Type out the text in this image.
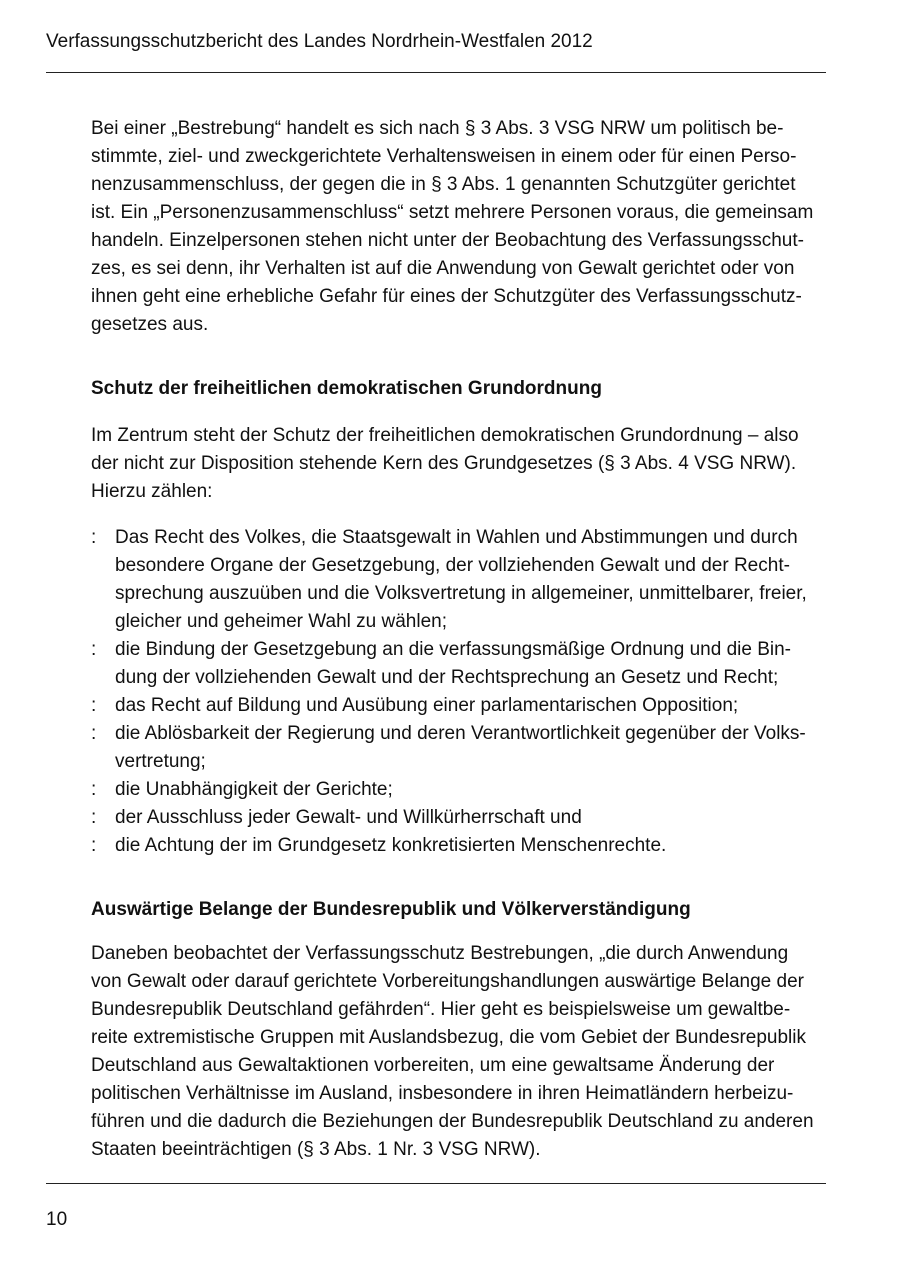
Verfassungsschutzbericht des Landes Nordrhein-Westfalen 2012
Bei einer „Bestrebung“ handelt es sich nach § 3 Abs. 3 VSG NRW um politisch be-
stimmte, ziel- und zweckgerichtete Verhaltensweisen in einem oder für einen Perso-
nenzusammenschluss, der gegen die in § 3 Abs. 1 genannten Schutzgüter gerichtet
ist. Ein „Personenzusammenschluss“ setzt mehrere Personen voraus, die gemeinsam
handeln. Einzelpersonen stehen nicht unter der Beobachtung des Verfassungsschut-
zes, es sei denn, ihr Verhalten ist auf die Anwendung von Gewalt gerichtet oder von
ihnen geht eine erhebliche Gefahr für eines der Schutzgüter des Verfassungsschutz-
gesetzes aus.
Schutz der freiheitlichen demokratischen Grundordnung
Im Zentrum steht der Schutz der freiheitlichen demokratischen Grundordnung – also
der nicht zur Disposition stehende Kern des Grundgesetzes (§ 3 Abs. 4 VSG NRW).
Hierzu zählen:
: Das Recht des Volkes, die Staatsgewalt in Wahlen und Abstimmungen und durch
besondere Organe der Gesetzgebung, der vollziehenden Gewalt und der Recht-
sprechung auszuüben und die Volksvertretung in allgemeiner, unmittelbarer, freier,
gleicher und geheimer Wahl zu wählen;
: die Bindung der Gesetzgebung an die verfassungsmäßige Ordnung und die Bin-
dung der vollziehenden Gewalt und der Rechtsprechung an Gesetz und Recht;
: das Recht auf Bildung und Ausübung einer parlamentarischen Opposition;
: die Ablösbarkeit der Regierung und deren Verantwortlichkeit gegenüber der Volks-
vertretung;
: die Unabhängigkeit der Gerichte;
: der Ausschluss jeder Gewalt- und Willkürherrschaft und
: die Achtung der im Grundgesetz konkretisierten Menschenrechte.
Auswärtige Belange der Bundesrepublik und Völkerverständigung
Daneben beobachtet der Verfassungsschutz Bestrebungen, „die durch Anwendung
von Gewalt oder darauf gerichtete Vorbereitungshandlungen auswärtige Belange der
Bundesrepublik Deutschland gefährden“. Hier geht es beispielsweise um gewaltbe-
reite extremistische Gruppen mit Auslandsbezug, die vom Gebiet der Bundesrepublik
Deutschland aus Gewaltaktionen vorbereiten, um eine gewaltsame Änderung der
politischen Verhältnisse im Ausland, insbesondere in ihren Heimatländern herbeizu-
führen und die dadurch die Beziehungen der Bundesrepublik Deutschland zu anderen
Staaten beeinträchtigen (§ 3 Abs. 1 Nr. 3 VSG NRW).
10
